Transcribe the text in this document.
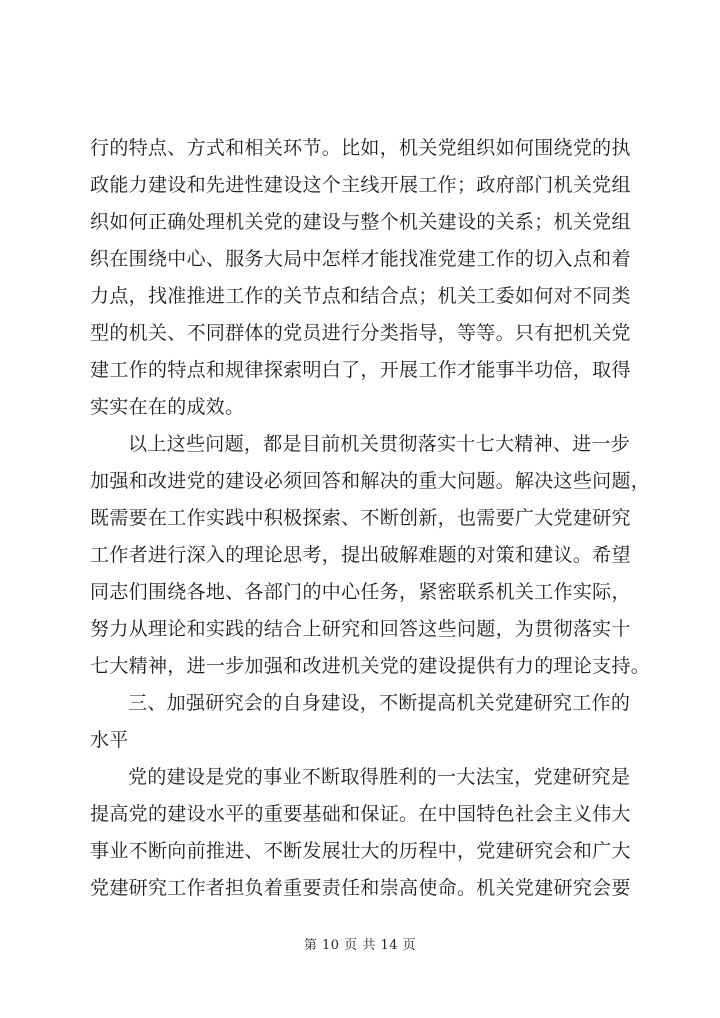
行 的 特 点 、 方 式 和 相 关 环 节 。 比 如 ， 机 关 党 组 织 如 何 围 绕 党 的 执
政 能 力 建 设 和 先 进 性 建 设 这 个 主 线 开 展 工 作 ； 政 府 部 门 机 关 党 组
织 如 何 正 确 处 理 机 关 党 的 建 设 与 整 个 机 关 建 设 的 关 系 ； 机 关 党 组
织 在 围 绕 中 心 、 服 务 大 局 中 怎 样 才 能 找 准 党 建 工 作 的 切 入 点 和 着
力 点 ， 找 准 推 进 工 作 的 关 节 点 和 结 合 点 ； 机 关 工 委 如 何 对 不 同 类
型 的 机 关 、 不 同 群 体 的 党 员 进 行 分 类 指 导 ， 等 等 。 只 有 把 机 关 党
建 工 作 的 特 点 和 规 律 探 索 明 白 了 ， 开 展 工 作 才 能 事 半 功 倍 ， 取 得
实实在在的成效。
以 上 这 些 问 题 ， 都 是 目 前 机 关 贯 彻 落 实 十 七 大 精 神 、 进 一 步
加 强 和 改 进 党 的 建 设 必 须 回 答 和 解 决 的 重 大 问 题 。 解 决 这 些 问 题 ，
既 需 要 在 工 作 实 践 中 积 极 探 索 、 不 断 创 新 ， 也 需 要 广 大 党 建 研 究
工 作 者 进 行 深 入 的 理 论 思 考 ， 提 出 破 解 难 题 的 对 策 和 建 议 。 希 望
同 志 们 围 绕 各 地 、 各 部 门 的 中 心 任 务 ， 紧 密 联 系 机 关 工 作 实 际 ，
努 力 从 理 论 和 实 践 的 结 合 上 研 究 和 回 答 这 些 问 题 ， 为 贯 彻 落 实 十
七 大 精 神 ， 进 一 步 加 强 和 改 进 机 关 党 的 建 设 提 供 有 力 的 理 论 支 持 。
三 、 加 强 研 究 会 的 自 身 建 设 ， 不 断 提 高 机 关 党 建 研 究 工 作 的
水平
党 的 建 设 是 党 的 事 业 不 断 取 得 胜 利 的 一 大 法 宝 ， 党 建 研 究 是
提 高 党 的 建 设 水 平 的 重 要 基 础 和 保 证 。 在 中 国 特 色 社 会 主 义 伟 大
事 业 不 断 向 前 推 进 、 不 断 发 展 壮 大 的 历 程 中 ， 党 建 研 究 会 和 广 大
党 建 研 究 工 作 者 担 负 着 重 要 责 任 和 崇 高 使 命 。 机 关 党 建 研 究 会 要
第 10 页 共 14 页
